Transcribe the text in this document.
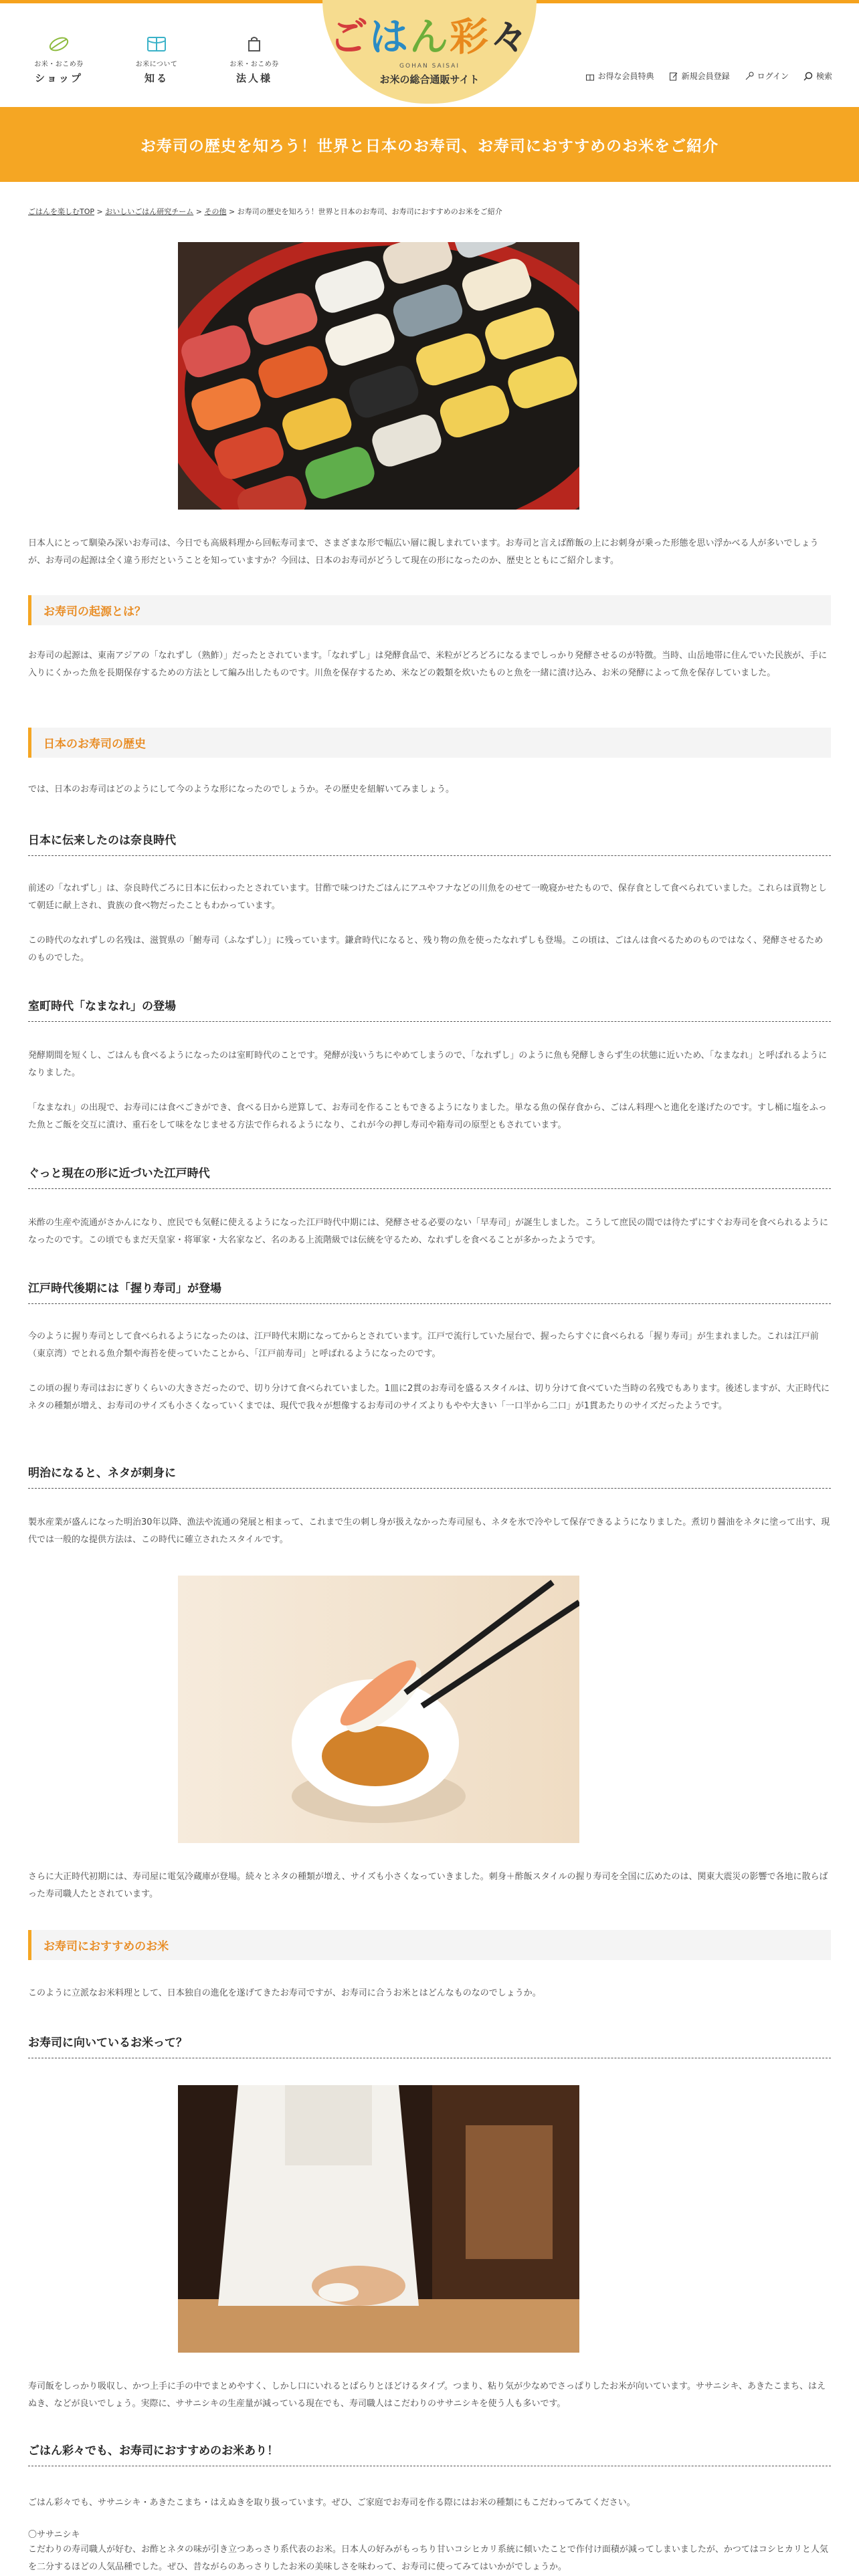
お米・おこめ券
ショップ
お米について
知る
お米・おこめ券
法人様
ごはん彩々
GOHAN SAISAI
お米の総合通販サイト	お得な会員特典	新規会員登録	ログイン	検索
お寿司の歴史を知ろう！世界と日本のお寿司、お寿司におすすめのお米をご紹介
ごはんを楽しむTOP > おいしいごはん研究チーム > その他 > お寿司の歴史を知ろう！世界と日本のお寿司、お寿司におすすめのお米をご紹介
日本人にとって馴染み深いお寿司は、今日でも高級料理から回転寿司まで、さまざまな形で幅広い層に親しまれています。お寿司と言えば酢飯の上にお刺身が乗った形態を思い浮かべる人が多いでしょうが、お寿司の起源は全く違う形だということを知っていますか？今回は、日本のお寿司がどうして現在の形になったのか、歴史とともにご紹介します。
お寿司の起源とは？
お寿司の起源は、東南アジアの「なれずし（熟鮓）」だったとされています。「なれずし」は発酵食品で、米粒がどろどろになるまでしっかり発酵させるのが特徴。当時、山岳地帯に住んでいた民族が、手に入りにくかった魚を長期保存するための方法として編み出したものです。川魚を保存するため、米などの穀類を炊いたものと魚を一緒に漬け込み、お米の発酵によって魚を保存していました。
日本のお寿司の歴史
では、日本のお寿司はどのようにして今のような形になったのでしょうか。その歴史を紐解いてみましょう。
日本に伝来したのは奈良時代
前述の「なれずし」は、奈良時代ごろに日本に伝わったとされています。甘酢で味つけたごはんにアユやフナなどの川魚をのせて一晩寝かせたもので、保存食として食べられていました。これらは貢物として朝廷に献上され、貴族の食べ物だったこともわかっています。
この時代のなれずしの名残は、滋賀県の「鮒寿司（ふなずし）」に残っています。鎌倉時代になると、残り物の魚を使ったなれずしも登場。この頃は、ごはんは食べるためのものではなく、発酵させるためのものでした。
室町時代「なまなれ」の登場
発酵期間を短くし、ごはんも食べるようになったのは室町時代のことです。発酵が浅いうちにやめてしまうので、「なれずし」のように魚も発酵しきらず生の状態に近いため、「なまなれ」と呼ばれるようになりました。
「なまなれ」の出現で、お寿司には食べごきができ、食べる日から逆算して、お寿司を作ることもできるようになりました。単なる魚の保存食から、ごはん料理へと進化を遂げたのです。すし桶に塩をふった魚とご飯を交互に漬け、重石をして味をなじませる方法で作られるようになり、これが今の押し寿司や箱寿司の原型ともされています。
ぐっと現在の形に近づいた江戸時代
米酢の生産や流通がさかんになり、庶民でも気軽に使えるようになった江戸時代中期には、発酵させる必要のない「早寿司」が誕生しました。こうして庶民の間では待たずにすぐお寿司を食べられるようになったのです。この頃でもまだ天皇家・将軍家・大名家など、名のある上流階級では伝統を守るため、なれずしを食べることが多かったようです。
江戸時代後期には「握り寿司」が登場
今のように握り寿司として食べられるようになったのは、江戸時代末期になってからとされています。江戸で流行していた屋台で、握ったらすぐに食べられる「握り寿司」が生まれました。これは江戸前（東京湾）でとれる魚介類や海苔を使っていたことから、「江戸前寿司」と呼ばれるようになったのです。
この頃の握り寿司はおにぎりくらいの大きさだったので、切り分けて食べられていました。1皿に2貫のお寿司を盛るスタイルは、切り分けて食べていた当時の名残でもあります。後述しますが、大正時代にネタの種類が増え、お寿司のサイズも小さくなっていくまでは、現代で我々が想像するお寿司のサイズよりもやや大きい「一口半から二口」が1貫あたりのサイズだったようです。
明治になると、ネタが刺身に
製氷産業が盛んになった明治30年以降、漁法や流通の発展と相まって、これまで生の刺し身が扱えなかった寿司屋も、ネタを氷で冷やして保存できるようになりました。煮切り醤油をネタに塗って出す、現代では一般的な提供方法は、この時代に確立されたスタイルです。
さらに大正時代初期には、寿司屋に電気冷蔵庫が登場。続々とネタの種類が増え、サイズも小さくなっていきました。刺身＋酢飯スタイルの握り寿司を全国に広めたのは、関東大震災の影響で各地に散らばった寿司職人たとされています。
お寿司におすすめのお米
このように立派なお米料理として、日本独自の進化を遂げてきたお寿司ですが、お寿司に合うお米とはどんなものなのでしょうか。
お寿司に向いているお米って？
寿司飯をしっかり吸収し、かつ上手に手の中でまとめやすく、しかし口にいれるとぱらりとほどけるタイプ。つまり、粘り気が少なめでさっぱりしたお米が向いています。ササニシキ、あきたこまち、はえぬき、などが良いでしょう。実際に、ササニシキの生産量が減っている現在でも、寿司職人はこだわりのササニシキを使う人も多いです。
ごはん彩々でも、お寿司におすすめのお米あり！
ごはん彩々でも、ササニシキ・あきたこまち・はえぬきを取り扱っています。ぜひ、ご家庭でお寿司を作る際にはお米の種類にもこだわってみてください。
〇ササニシキ
こだわりの寿司職人が好む、お酢とネタの味が引き立つあっさり系代表のお米。日本人の好みがもっちり甘いコシヒカリ系統に傾いたことで作付け面積が減ってしまいましたが、かつてはコシヒカリと人気を二分するほどの人気品種でした。ぜひ、昔ながらのあっさりしたお米の美味しさを味わって、お寿司に使ってみてはいかがでしょうか。
